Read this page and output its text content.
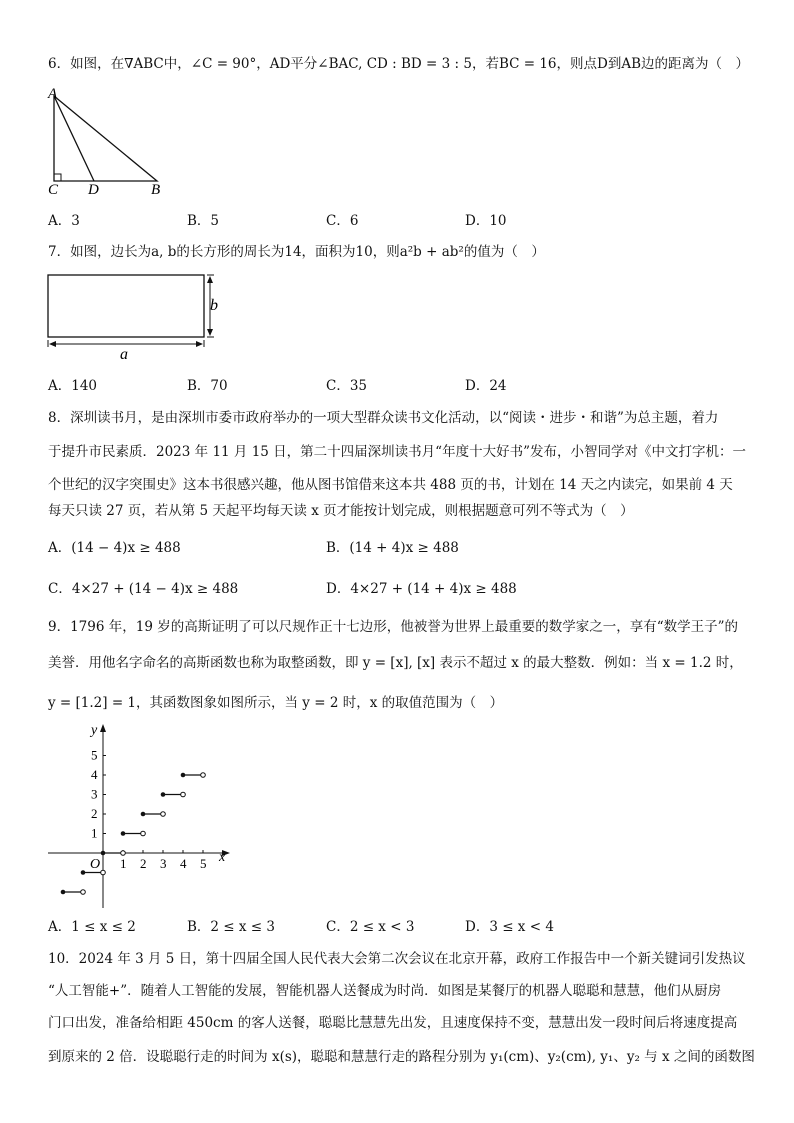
6．如图，在∇ABC中，∠C = 90°，AD平分∠BAC, CD : BD = 3 : 5，若BC = 16，则点D到AB边的距离为（　）
A
C D	B
A．3	B．5	C．6	D．10
7．如图，边长为a, b的长方形的周长为14，面积为10，则a²b + ab²的值为（　）
b
a
A．140	B．70	C．35	D．24
8．深圳读书月，是由深圳市委市政府举办的一项大型群众读书文化活动，以“阅读・进步・和谐”为总主题，着力
于提升市民素质．2023 年 11 月 15 日，第二十四届深圳读书月“年度十大好书”发布，小智同学对《中文打字机：一
个世纪的汉字突围史》这本书很感兴趣，他从图书馆借来这本共 488 页的书，计划在 14 天之内读完，如果前 4 天
每天只读 27 页，若从第 5 天起平均每天读 x 页才能按计划完成，则根据题意可列不等式为（　）
A．(14 − 4)x ≥ 488	B．(14 + 4)x ≥ 488
C．4×27 + (14 − 4)x ≥ 488	D．4×27 + (14 + 4)x ≥ 488
9．1796 年，19 岁的高斯证明了可以尺规作正十七边形，他被誉为世界上最重要的数学家之一，享有“数学王子”的
美誉．用他名字命名的高斯函数也称为取整函数，即 y = [x], [x] 表示不超过 x 的最大整数．例如：当 x = 1.2 时，
y = [1.2] = 1，其函数图象如图所示，当 y = 2 时，x 的取值范围为（　）
x
y
O 1 2 3 4 5
1
2
3
4
5
A．1 ≤ x ≤ 2	B．2 ≤ x ≤ 3	C．2 ≤ x < 3	D．3 ≤ x < 4
10．2024 年 3 月 5 日，第十四届全国人民代表大会第二次会议在北京开幕，政府工作报告中一个新关键词引发热议
“人工智能+”．随着人工智能的发展，智能机器人送餐成为时尚．如图是某餐厅的机器人聪聪和慧慧，他们从厨房
门口出发，准备给相距 450cm 的客人送餐，聪聪比慧慧先出发，且速度保持不变，慧慧出发一段时间后将速度提高
到原来的 2 倍．设聪聪行走的时间为 x(s)，聪聪和慧慧行走的路程分别为 y₁(cm)、y₂(cm), y₁、y₂ 与 x 之间的函数图
